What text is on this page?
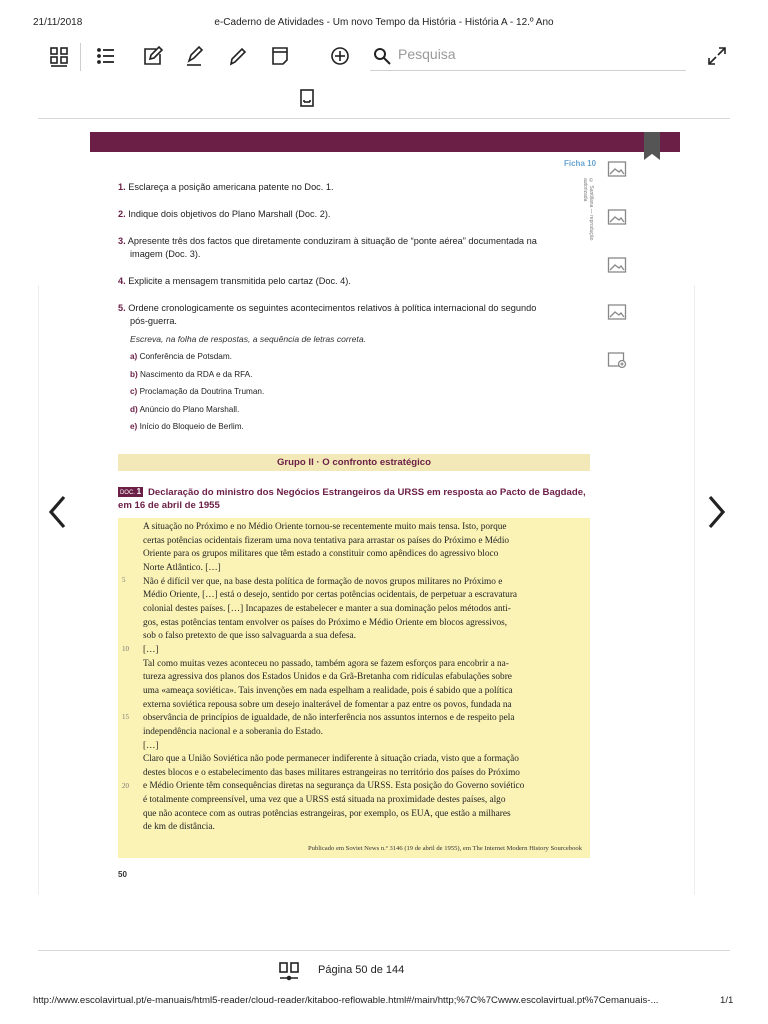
21/11/2018	e-Caderno de Atividades - Um novo Tempo da História - História A - 12.º Ano
Pesquisa
Ficha 10
© Santillana — reprodução autorizada
1. Esclareça a posição americana patente no Doc. 1.
2. Indique dois objetivos do Plano Marshall (Doc. 2).
3. Apresente três dos factos que diretamente conduziram à situação de “ponte aérea” documentada na
imagem (Doc. 3).
4. Explicite a mensagem transmitida pelo cartaz (Doc. 4).
5. Ordene cronologicamente os seguintes acontecimentos relativos à política internacional do segundo
pós-guerra.
Escreva, na folha de respostas, a sequência de letras correta.
a) Conferência de Potsdam.
b) Nascimento da RDA e da RFA.
c) Proclamação da Doutrina Truman.
d) Anúncio do Plano Marshall.
e) Início do Bloqueio de Berlim.
Grupo II · O confronto estratégico
Declaração do ministro dos Negócios Estrangeiros da URSS em resposta ao Pacto de Bagdade, em 16 de abril de 1955
DOC. 1
5
10
15
20

A situação no Próximo e no Médio Oriente tornou-se recentemente muito mais tensa. Isto, porque

certas potências ocidentais fizeram uma nova tentativa para arrastar os países do Próximo e Médio

Oriente para os grupos militares que têm estado a constituir como apêndices do agressivo bloco

Norte Atlântico. […]

Não é difícil ver que, na base desta política de formação de novos grupos militares no Próximo e

Médio Oriente, […] está o desejo, sentido por certas potências ocidentais, de perpetuar a escravatura

colonial destes países. […] Incapazes de estabelecer e manter a sua dominação pelos métodos anti-

gos, estas potências tentam envolver os países do Próximo e Médio Oriente em blocos agressivos,

sob o falso pretexto de que isso salvaguarda a sua defesa.

[…]

Tal como muitas vezes aconteceu no passado, também agora se fazem esforços para encobrir a na-

tureza agressiva dos planos dos Estados Unidos e da Grã-Bretanha com ridículas efabulações sobre

uma «ameaça soviética». Tais invenções em nada espelham a realidade, pois é sabido que a política

externa soviética repousa sobre um desejo inalterável de fomentar a paz entre os povos, fundada na

observância de princípios de igualdade, de não interferência nos assuntos internos e de respeito pela

independência nacional e a soberania do Estado.

[…]

Claro que a União Soviética não pode permanecer indiferente à situação criada, visto que a formação

destes blocos e o estabelecimento das bases militares estrangeiras no território dos países do Próximo

e Médio Oriente têm consequências diretas na segurança da URSS. Esta posição do Governo soviético

é totalmente compreensível, uma vez que a URSS está situada na proximidade destes países, algo

que não acontece com as outras potências estrangeiras, por exemplo, os EUA, que estão a milhares

de km de distância.

Publicado em Soviet News n.º 3146 (19 de abril de 1955), em The Internet Modern History Sourcebook
50
Página 50 de 144
http://www.escolavirtual.pt/e-manuais/html5-reader/cloud-reader/kitaboo-reflowable.html#/main/http;%7C%7Cwww.escolavirtual.pt%7Cemanuais-...	1/1
